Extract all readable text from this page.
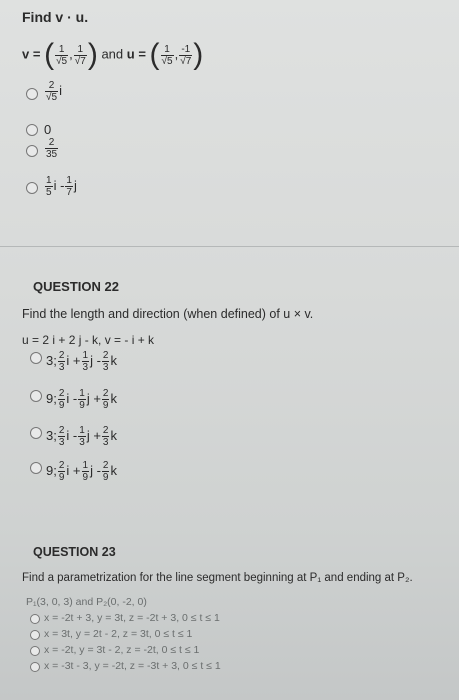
Find v · u.
v = ( $\frac{1}{√5}$ , $\frac{1}{√7}$ ) and u = ( $\frac{1}{√5}$ , $\frac{-1}{√7}$ )
$\frac{2}{√5}$ i
0
$\frac{2}{35}$
$\frac{1}{5}$ i - $\frac{1}{7}$ j
QUESTION 22
Find the length and direction (when defined) of u × v.
u = 2 i + 2 j - k, v = - i + k
3; $\frac{2}{3}$ $i + \frac{1}{3}$ j - $\frac{2}{3}$ k
9; $\frac{2}{9}$ i - $\frac{1}{9}$ $j + \frac{2}{9}$ k
3; $\frac{2}{3}$ i - $\frac{1}{3}$ $j + \frac{2}{3}$ k
9; $\frac{2}{9}$ $i + \frac{1}{9}$ j - $\frac{2}{9}$ k
QUESTION 23
Find a parametrization for the line segment beginning at P₁ and ending at P₂.
P₁(3, 0, 3) and P₂(0, -2, 0)
x = -2t + 3, y = 3t, z = -2t + 3, 0 ≤ t ≤ 1
x = 3t, y = 2t - 2, z = 3t, 0 ≤ t ≤ 1
x = -2t, y = 3t - 2, z = -2t, 0 ≤ t ≤ 1
x = -3t - 3, y = -2t, z = -3t + 3, 0 ≤ t ≤ 1
